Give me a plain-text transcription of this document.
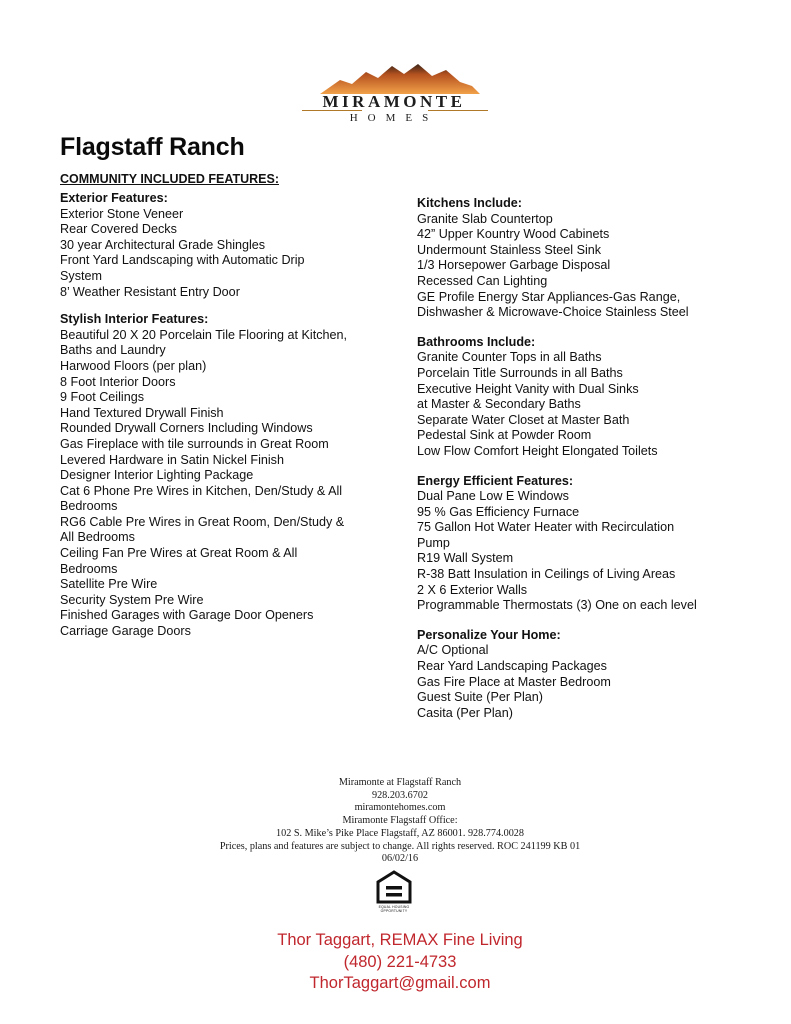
MIRAMONTE
HOMES
Flagstaff Ranch
COMMUNITY INCLUDED FEATURES:
Exterior Features:
Exterior Stone Veneer
Rear Covered Decks
30 year Architectural Grade Shingles
Front Yard Landscaping with Automatic Drip
System
8’ Weather Resistant Entry Door
Stylish Interior Features:
Beautiful 20 X 20 Porcelain Tile Flooring at Kitchen,
Baths and Laundry
Harwood Floors (per plan)
8 Foot Interior Doors
9 Foot Ceilings
Hand Textured Drywall Finish
Rounded Drywall Corners Including Windows
Gas Fireplace with tile surrounds in Great Room
Levered Hardware in Satin Nickel Finish
Designer Interior Lighting Package
Cat 6 Phone Pre Wires in Kitchen, Den/Study & All
Bedrooms
RG6 Cable Pre Wires in Great Room, Den/Study &
All Bedrooms
Ceiling Fan Pre Wires at Great Room & All
Bedrooms
Satellite Pre Wire
Security System Pre Wire
Finished Garages with Garage Door Openers
Carriage Garage Doors
Kitchens Include:
Granite Slab Countertop
42” Upper Kountry Wood Cabinets
Undermount Stainless Steel Sink
1/3 Horsepower Garbage Disposal
Recessed Can Lighting
GE Profile Energy Star Appliances-Gas Range,
Dishwasher & Microwave-Choice Stainless Steel
Bathrooms Include:
Granite Counter Tops in all Baths
Porcelain Title Surrounds in all Baths
Executive Height Vanity with Dual Sinks
at Master & Secondary Baths
Separate Water Closet at Master Bath
Pedestal Sink at Powder Room
Low Flow Comfort Height Elongated Toilets
Energy Efficient Features:
Dual Pane Low E Windows
95 % Gas Efficiency Furnace
75 Gallon Hot Water Heater with Recirculation
Pump
R19 Wall System
R-38 Batt Insulation in Ceilings of Living Areas
2 X 6 Exterior Walls
Programmable Thermostats (3) One on each level
Personalize Your Home:
A/C Optional
Rear Yard Landscaping Packages
Gas Fire Place at Master Bedroom
Guest Suite (Per Plan)
Casita (Per Plan)
Miramonte at Flagstaff Ranch
928.203.6702
miramontehomes.com
Miramonte Flagstaff Office:
102 S. Mike’s Pike Place Flagstaff, AZ 86001. 928.774.0028
Prices, plans and features are subject to change. All rights reserved. ROC 241199 KB 01
06/02/16
EQUAL HOUSING OPPORTUNITY
Thor Taggart, REMAX Fine Living
(480) 221-4733
ThorTaggart@gmail.com
